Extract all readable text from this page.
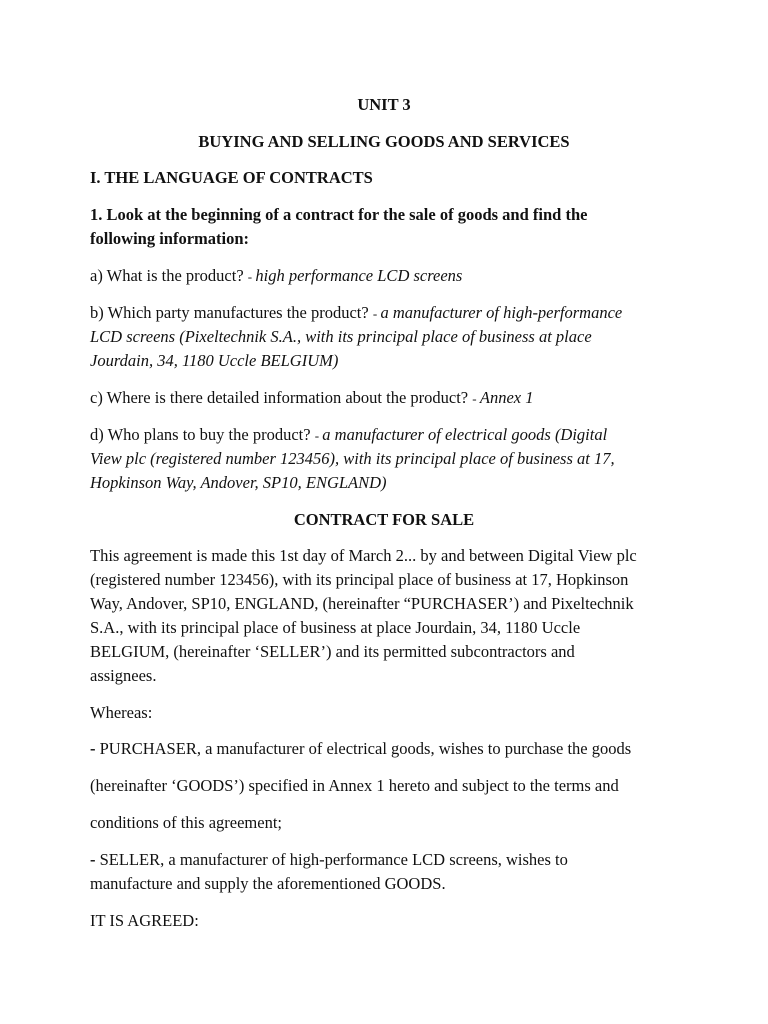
UNIT 3
BUYING AND SELLING GOODS AND SERVICES
I. THE LANGUAGE OF CONTRACTS
1. Look at the beginning of a contract for the sale of goods and find the
following information:
a) What is the product? - high performance LCD screens
b) Which party manufactures the product? - a manufacturer of high-performance
LCD screens (Pixeltechnik S.A., with its principal place of business at place
Jourdain, 34, 1180 Uccle BELGIUM)
c) Where is there detailed information about the product? - Annex 1
d) Who plans to buy the product? - a manufacturer of electrical goods (Digital
View plc (registered number 123456), with its principal place of business at 17,
Hopkinson Way, Andover, SP10, ENGLAND)
CONTRACT FOR SALE
This agreement is made this 1st day of March 2... by and between Digital View plc
(registered number 123456), with its principal place of business at 17, Hopkinson
Way, Andover, SP10, ENGLAND, (hereinafter “PURCHASER’) and Pixeltechnik
S.A., with its principal place of business at place Jourdain, 34, 1180 Uccle
BELGIUM, (hereinafter ‘SELLER’) and its permitted subcontractors and
assignees.
Whereas:
- PURCHASER, a manufacturer of electrical goods, wishes to purchase the goods
(hereinafter ‘GOODS’) specified in Annex 1 hereto and subject to the terms and
conditions of this agreement;
- SELLER, a manufacturer of high-performance LCD screens, wishes to
manufacture and supply the aforementioned GOODS.
IT IS AGREED:
